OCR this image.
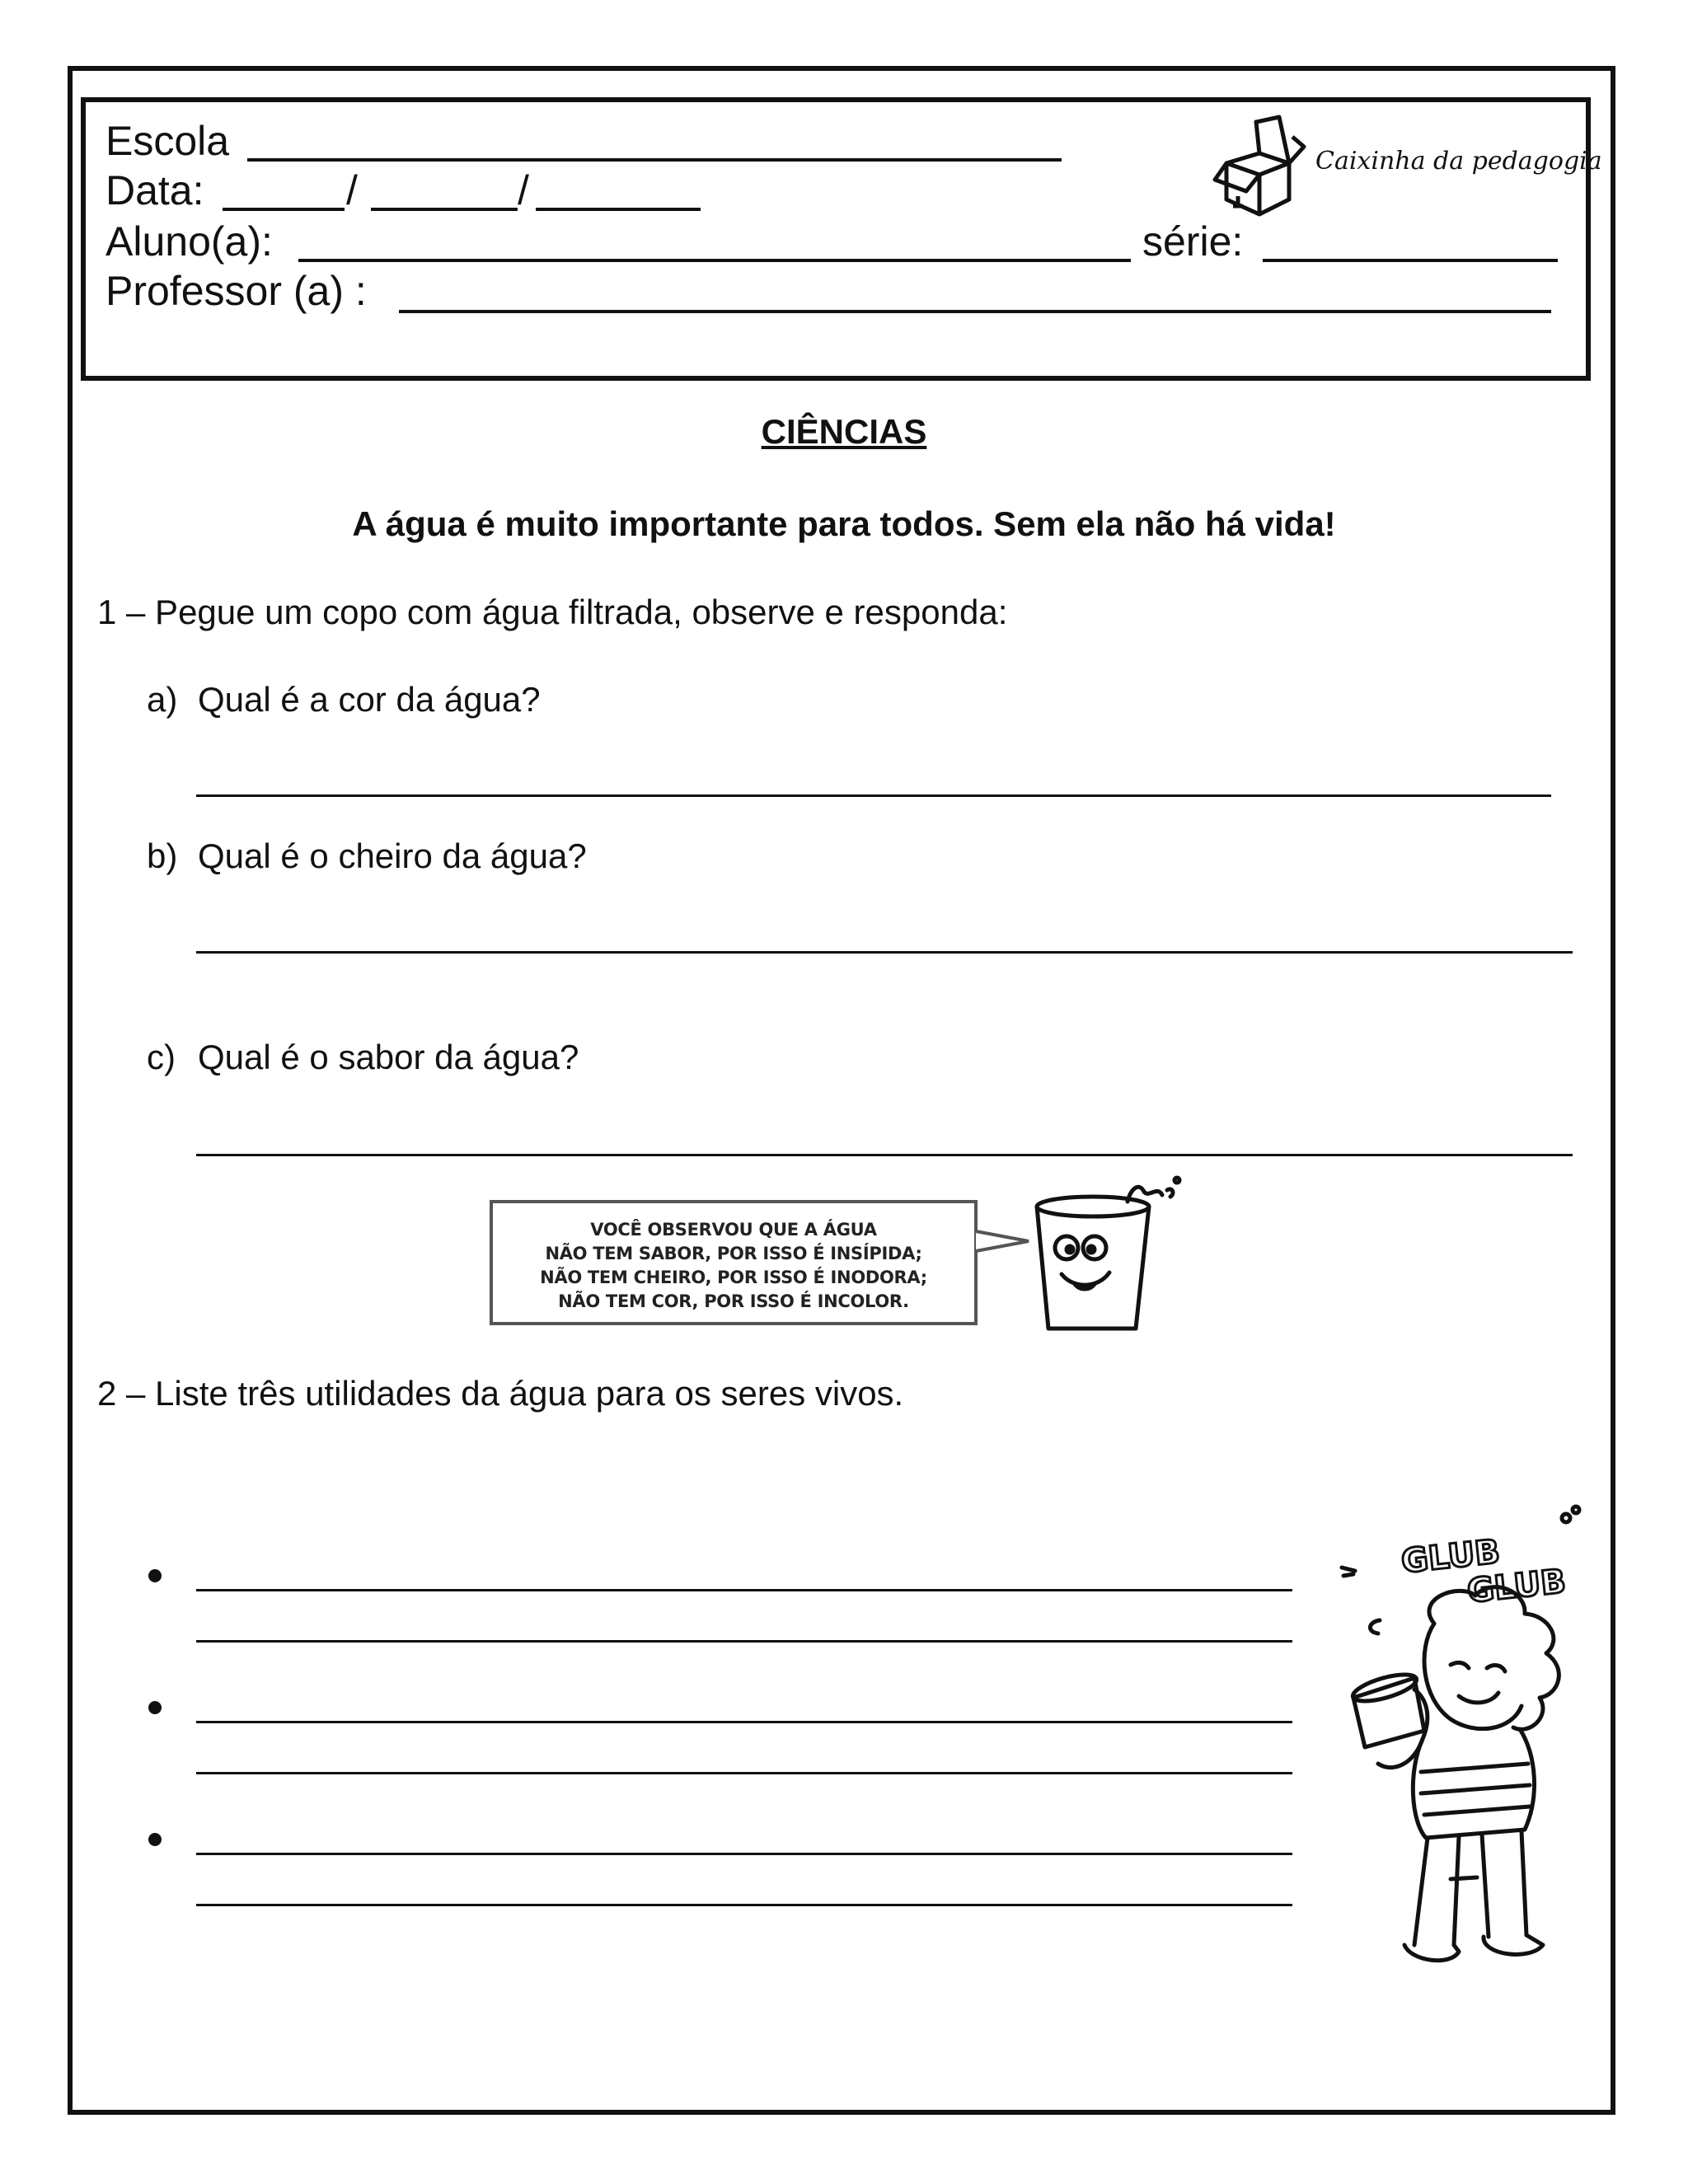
Escola
Data:	/	/
Aluno(a):	série:
Professor (a) :
Caixinha da pedagogia
CIÊNCIAS
A água é muito importante para todos. Sem ela não há vida!
1 – Pegue um copo com água filtrada, observe e responda:
a) Qual é a cor da água?
b) Qual é o cheiro da água?
c) Qual é o sabor da água?
VOCÊ OBSERVOU QUE A ÁGUA
NÃO TEM SABOR, POR ISSO É INSÍPIDA;
NÃO TEM CHEIRO, POR ISSO É INODORA;
NÃO TEM COR, POR ISSO É INCOLOR.
2 – Liste três utilidades da água para os seres vivos.
GLUB
GLUB
